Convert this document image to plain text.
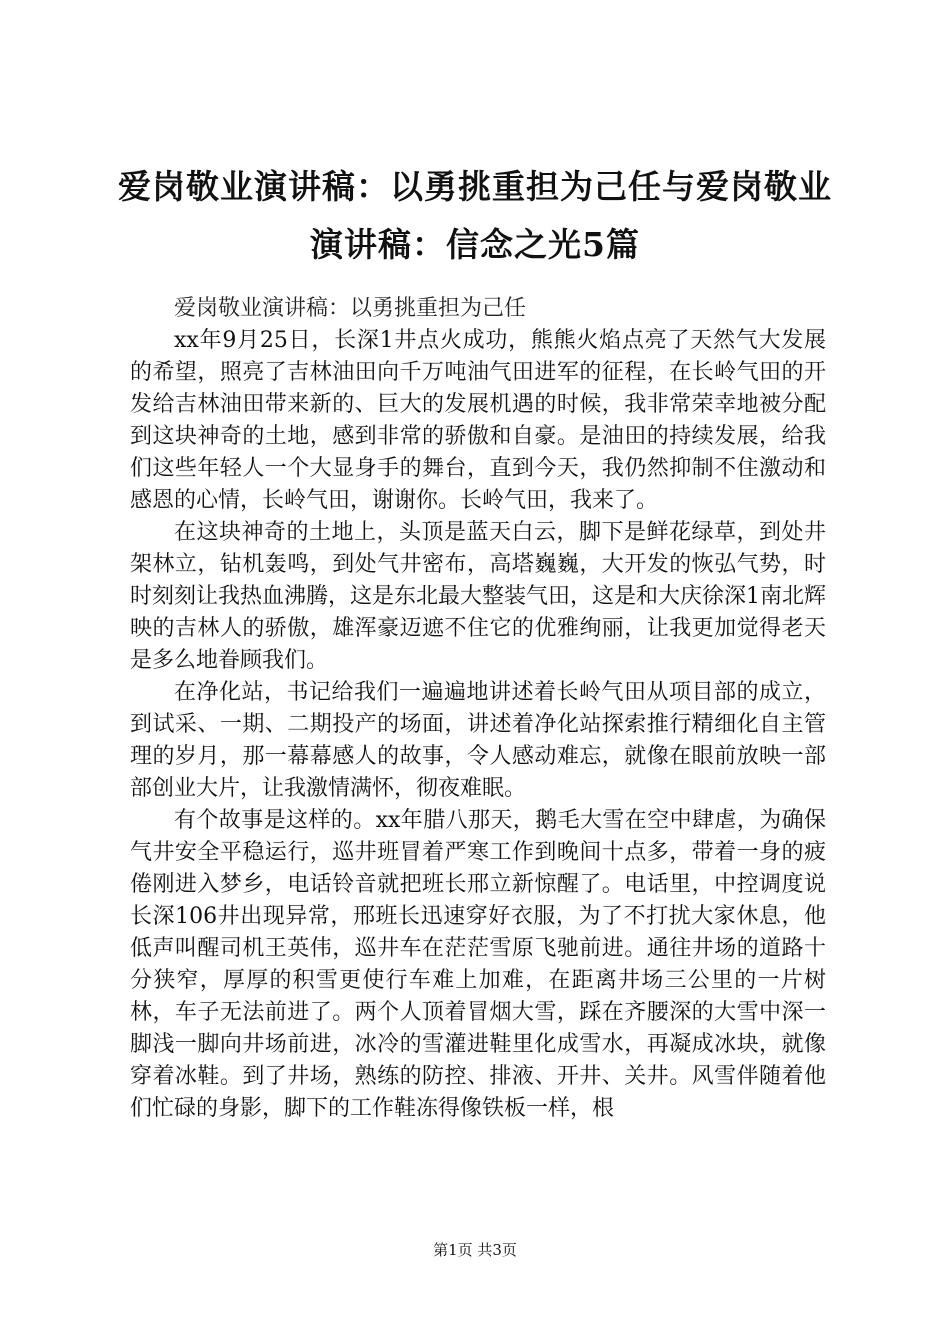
爱岗敬业演讲稿：以勇挑重担为己任与爱岗敬业演讲稿：信念之光5篇

爱岗敬业演讲稿：以勇挑重担为己任

xx年9月25日，长深1井点火成功，熊熊火焰点亮了天然气大发展的希望，照亮了吉林油田向千万吨油气田进军的征程，在长岭气田的开发给吉林油田带来新的、巨大的发展机遇的时候，我非常荣幸地被分配到这块神奇的土地，感到非常的骄傲和自豪。是油田的持续发展，给我们这些年轻人一个大显身手的舞台，直到今天，我仍然抑制不住激动和感恩的心情，长岭气田，谢谢你。长岭气田，我来了。

在这块神奇的土地上，头顶是蓝天白云，脚下是鲜花绿草，到处井架林立，钻机轰鸣，到处气井密布，高塔巍巍，大开发的恢弘气势，时时刻刻让我热血沸腾，这是东北最大整装气田，这是和大庆徐深1南北辉映的吉林人的骄傲，雄浑豪迈遮不住它的优雅绚丽，让我更加觉得老天是多么地眷顾我们。

在净化站，书记给我们一遍遍地讲述着长岭气田从项目部的成立，到试采、一期、二期投产的场面，讲述着净化站探索推行精细化自主管理的岁月，那一幕幕感人的故事，令人感动难忘，就像在眼前放映一部部创业大片，让我激情满怀，彻夜难眠。

有个故事是这样的。xx年腊八那天，鹅毛大雪在空中肆虐，为确保气井安全平稳运行，巡井班冒着严寒工作到晚间十点多，带着一身的疲倦刚进入梦乡，电话铃音就把班长邢立新惊醒了。电话里，中控调度说长深106井出现异常，邢班长迅速穿好衣服，为了不打扰大家休息，他低声叫醒司机王英伟，巡井车在茫茫雪原飞驰前进。通往井场的道路十分狭窄，厚厚的积雪更使行车难上加难，在距离井场三公里的一片树林，车子无法前进了。两个人顶着冒烟大雪，踩在齐腰深的大雪中深一脚浅一脚向井场前进，冰冷的雪灌进鞋里化成雪水，再凝成冰块，就像穿着冰鞋。到了井场，熟练的防控、排液、开井、关井。风雪伴随着他们忙碌的身影，脚下的工作鞋冻得像铁板一样，根

第1页 共3页
